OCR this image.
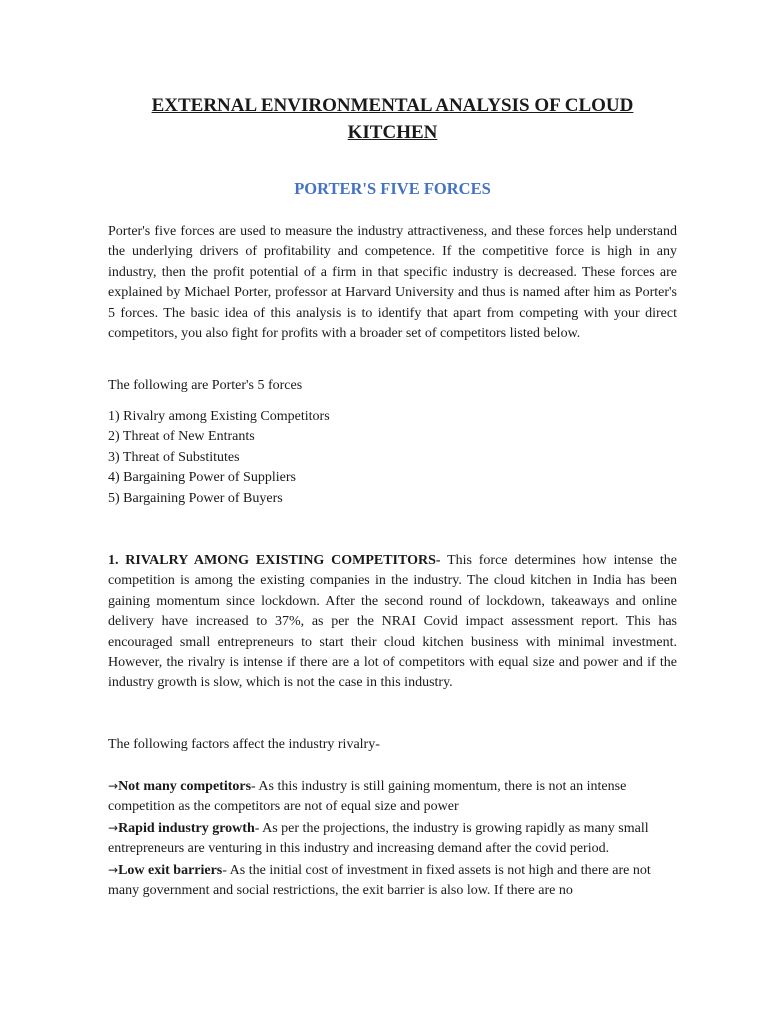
EXTERNAL ENVIRONMENTAL ANALYSIS OF CLOUD KITCHEN
PORTER'S FIVE FORCES

Porter's five forces are used to measure the industry attractiveness, and these forces help understand the underlying drivers of profitability and competence. If the competitive force is high in any industry, then the profit potential of a firm in that specific industry is decreased. These forces are explained by Michael Porter, professor at Harvard University and thus is named after him as Porter's 5 forces. The basic idea of this analysis is to identify that apart from competing with your direct competitors, you also fight for profits with a broader set of competitors listed below.

The following are Porter's 5 forces

1) Rivalry among Existing Competitors
2) Threat of New Entrants
3) Threat of Substitutes
4) Bargaining Power of Suppliers
5) Bargaining Power of Buyers

1. RIVALRY AMONG EXISTING COMPETITORS- This force determines how intense the competition is among the existing companies in the industry. The cloud kitchen in India has been gaining momentum since lockdown. After the second round of lockdown, takeaways and online delivery have increased to 37%, as per the NRAI Covid impact assessment report. This has encouraged small entrepreneurs to start their cloud kitchen business with minimal investment. However, the rivalry is intense if there are a lot of competitors with equal size and power and if the industry growth is slow, which is not the case in this industry.

The following factors affect the industry rivalry-

→Not many competitors- As this industry is still gaining momentum, there is not an intense competition as the competitors are not of equal size and power

→Rapid industry growth- As per the projections, the industry is growing rapidly as many small entrepreneurs are venturing in this industry and increasing demand after the covid period.

→Low exit barriers- As the initial cost of investment in fixed assets is not high and there are not many government and social restrictions, the exit barrier is also low. If there are no
